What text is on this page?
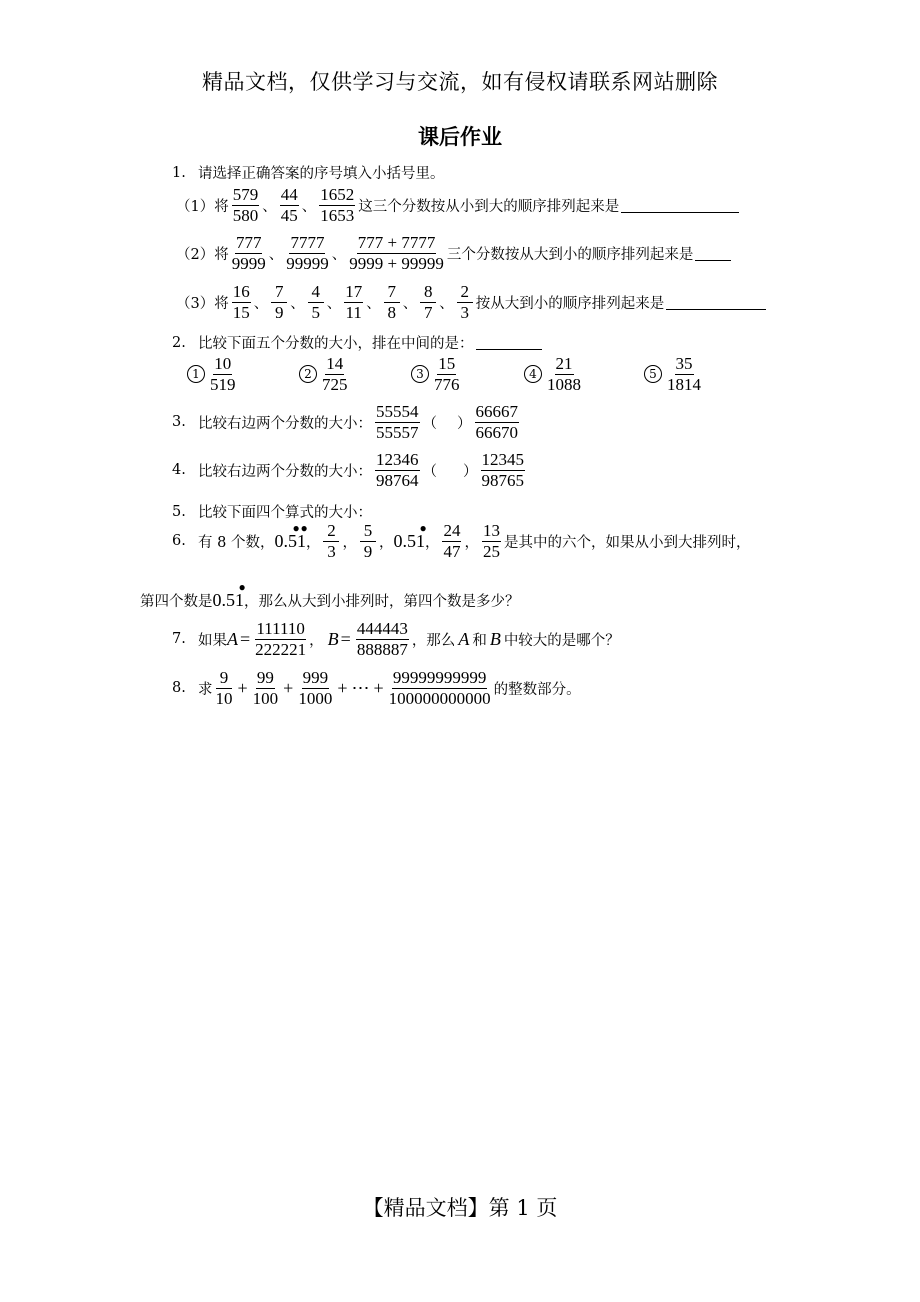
精品文档，仅供学习与交流，如有侵权请联系网站删除
课后作业
1. 请选择正确答案的序号填入小括号里。
（1）将 $\frac{579}{580}$ 、 $\frac{44}{45}$ 、 $\frac{1652}{1653}$ 这三个分数按从小到大的顺序排列起来是
（2）将 $\frac{777}{9999}$ 、 $\frac{7777}{99999}$ 、 $\frac{777 + 7777}{9999 + 99999}$ 三个分数按从大到小的顺序排列起来是
（3）将 $\frac{16}{15}$ 、 $\frac{7}{9}$ 、 $\frac{4}{5}$ 、 $\frac{17}{11}$ 、 $\frac{7}{8}$ 、 $\frac{8}{7}$ 、 $\frac{2}{3}$ 按从大到小的顺序排列起来是
2. 比较下面五个分数的大小，排在中间的是：
$1 \frac{10}{519}$	$2 \frac{14}{725}$	$3 \frac{15}{776}$	$4 \frac{21}{1088}$	$5 \frac{35}{1814}$
3. 比较右边两个分数的大小： $\frac{55554}{55557}$ （ ） $\frac{66667}{66670}$
4. 比较右边两个分数的大小： $\frac{12346}{98764}$ （ ） $\frac{12345}{98765}$
5. 比较下面四个算式的大小：
6. 有 8 个数， 0.51
● ●
， $\frac{2}{3}$ ， $\frac{5}{9}$ ， 0.51
●
， $\frac{24}{47}$ ， $\frac{13}{25}$ 是其中的六个，如果从小到大排列时，
第四个数是 0.51
●
，那么从大到小排列时，第四个数是多少？
7. 如果 $A = \frac{111110}{222221}$ ， $B = \frac{444443}{888887}$ ，那么 A 和 B 中较大的是哪个？
8. 求 $\frac{9}{10} + \frac{99}{100} + \frac{999}{1000}$ + ⋯ + $\frac{99999999999}{100000000000}$ 的整数部分。
【精品文档】第 1 页
